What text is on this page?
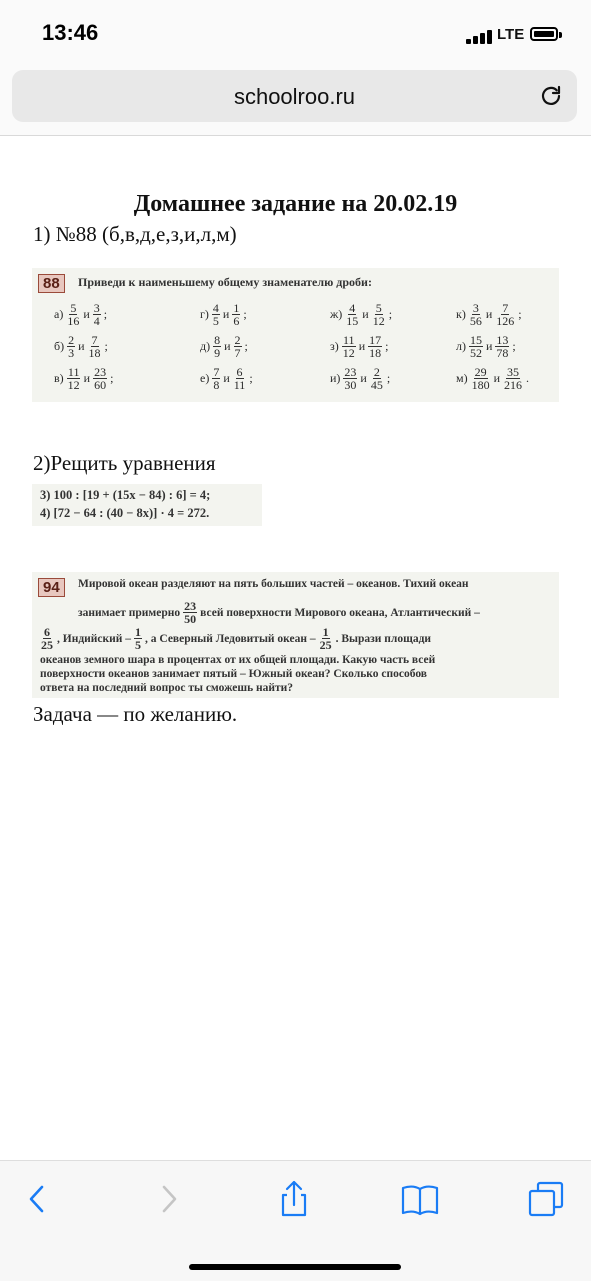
13:46	LTE
schoolroo.ru
Домашнее задание на 20.02.19
1) №88 (б,в,д,е,з,и,л,м)
88	Приведи к наименьшему общему знаменателю дроби:
$а) \frac{5}{16}$ и $\frac{3}{4}$ ;	$г) \frac{4}{5}$ и $\frac{1}{6}$ ;	$ж) \frac{4}{15}$ и $\frac{5}{12}$ ;	$к) \frac{3}{56}$ и $\frac{7}{126}$ ;
$б) \frac{2}{3}$ и $\frac{7}{18}$ ;	$д) \frac{8}{9}$ и $\frac{2}{7}$ ;	$з) \frac{11}{12}$ и $\frac{17}{18}$ ;	$л) \frac{15}{52}$ и $\frac{13}{78}$ ;
$в) \frac{11}{12}$ и $\frac{23}{60}$ ;	$е) \frac{7}{8}$ и $\frac{6}{11}$ ;	$и) \frac{23}{30}$ и $\frac{2}{45}$ ;	$м) \frac{29}{180}$ и $\frac{35}{216}$ .
2)Рещить уравнения
3) 100 : [19 + (15x − 84) : 6] = 4;
4) [72 − 64 : (40 − 8x)] · 4 = 272.
94	Мировой океан разделяют на пять больших частей – океанов. Тихий океан
занимает примерно $\frac{23}{50}$ всей поверхности Мирового океана, Атлантический –
$\frac{6}{25}$ , Индийский – $\frac{1}{5}$ , а Северный Ледовитый океан – $\frac{1}{25}$ . Вырази площади
океанов земного шара в процентах от их общей площади. Какую часть всей
поверхности океанов занимает пятый – Южный океан? Сколько способов
ответа на последний вопрос ты сможешь найти?
Задача — по желанию.
